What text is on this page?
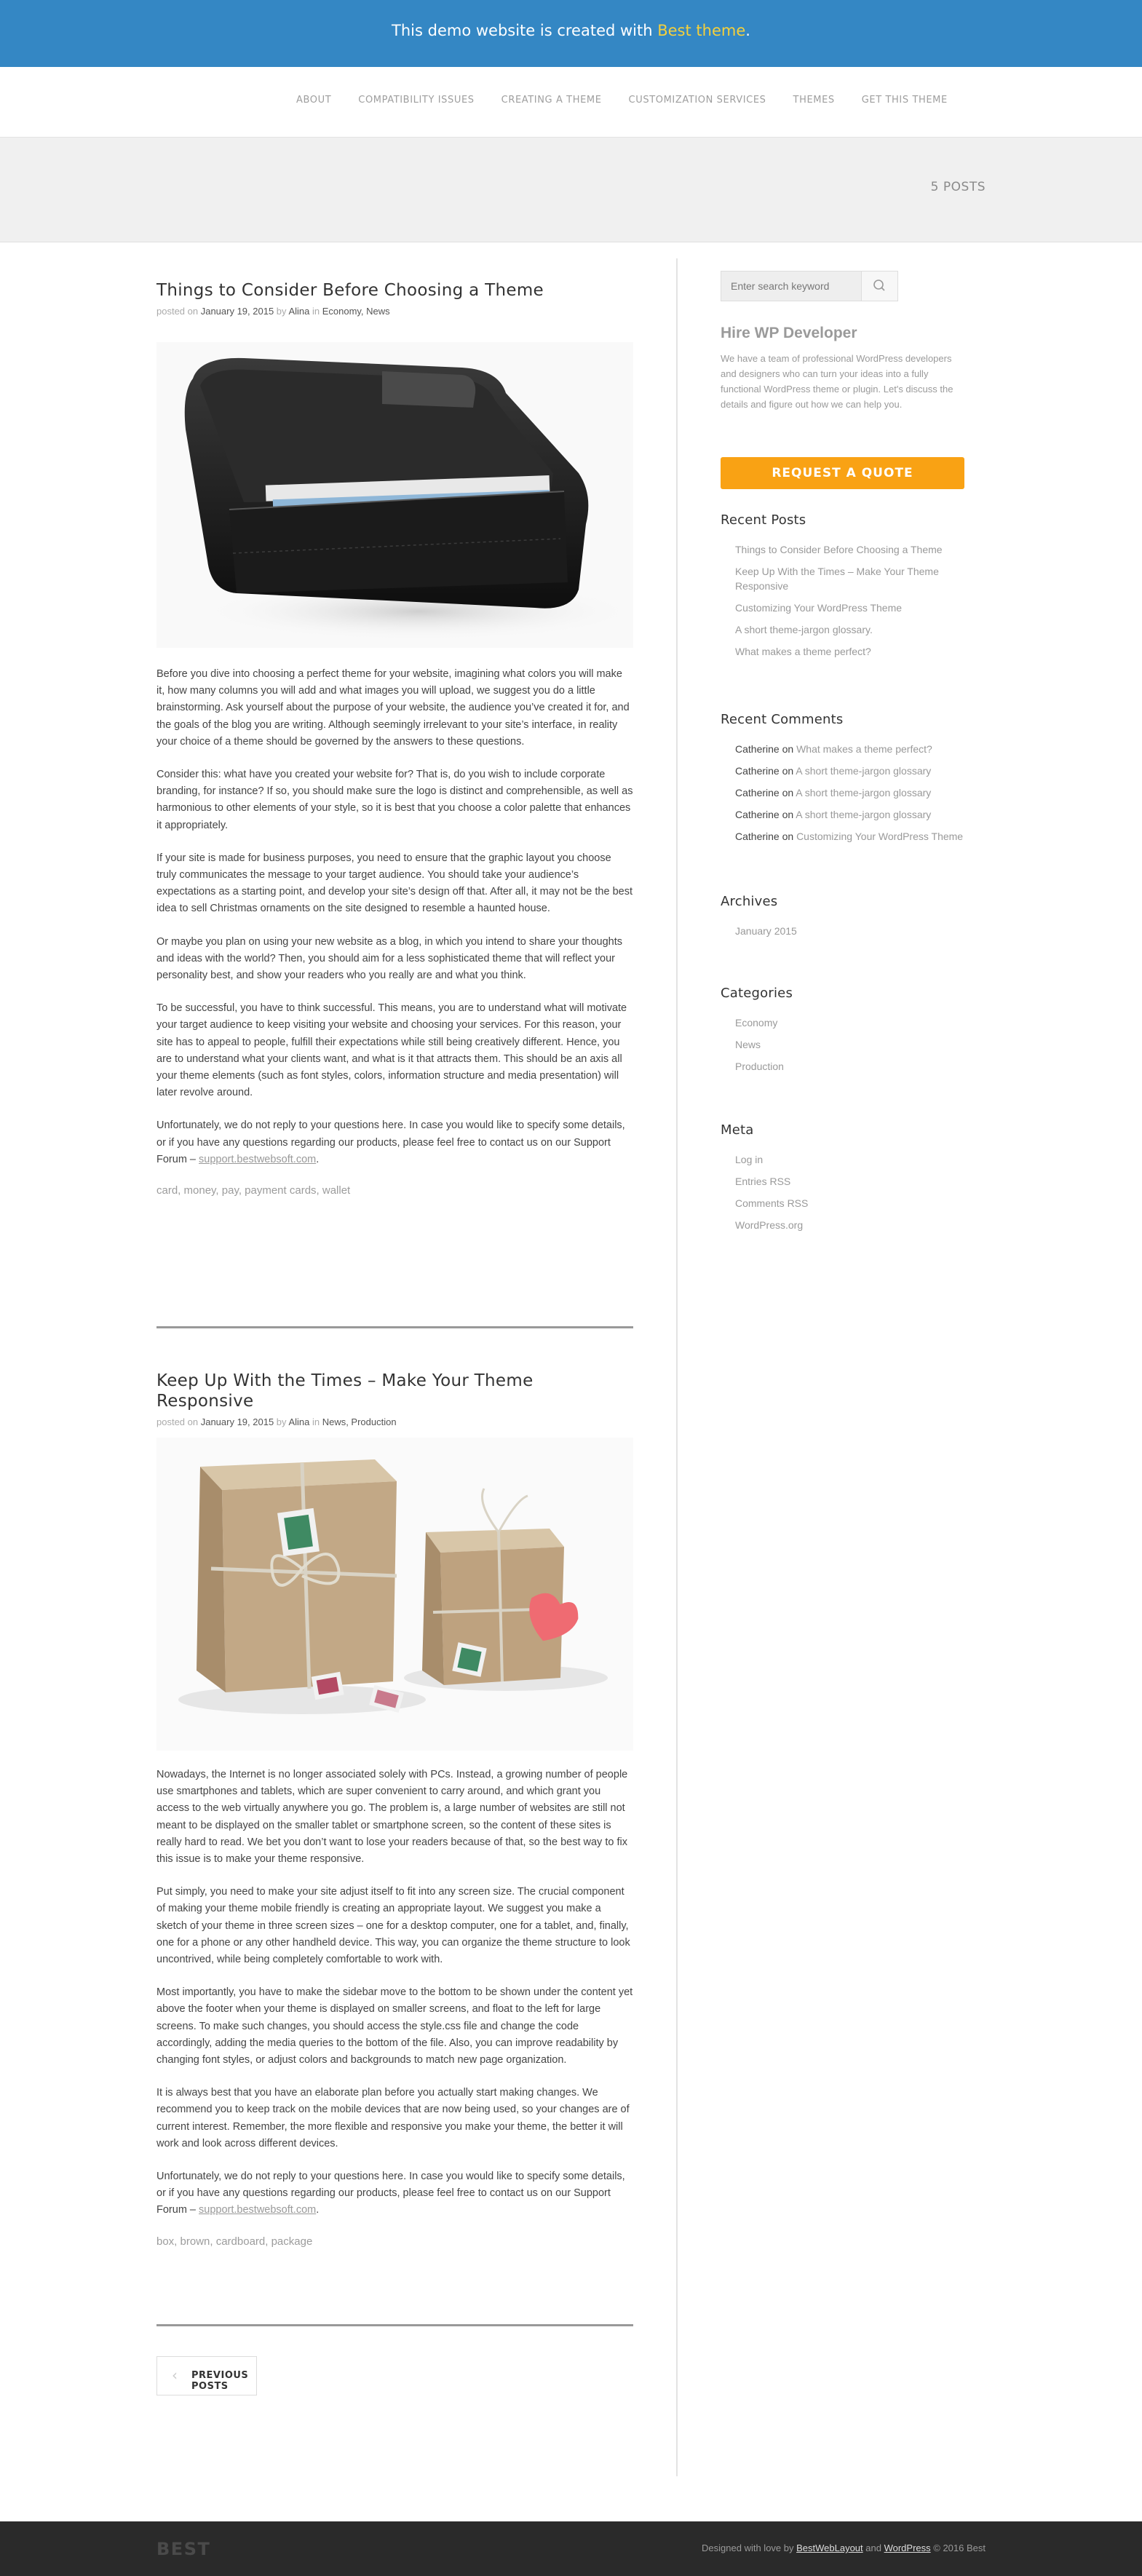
This demo website is created with Best theme.
ABOUT	COMPATIBILITY ISSUES	CREATING A THEME	CUSTOMIZATION SERVICES	THEMES	GET THIS THEME
5 POSTS
Things to Consider Before Choosing a Theme
posted on January 19, 2015 by Alina in Economy, News

Before you dive into choosing a perfect theme for your website, imagining what colors you will make it, how many columns you will add and what images you will upload, we suggest you do a little brainstorming. Ask yourself about the purpose of your website, the audience you’ve created it for, and the goals of the blog you are writing. Although seemingly irrelevant to your site’s interface, in reality your choice of a theme should be governed by the answers to these questions.

Consider this: what have you created your website for? That is, do you wish to include corporate branding, for instance? If so, you should make sure the logo is distinct and comprehensible, as well as harmonious to other elements of your style, so it is best that you choose a color palette that enhances it appropriately.

If your site is made for business purposes, you need to ensure that the graphic layout you choose truly communicates the message to your target audience. You should take your audience’s expectations as a starting point, and develop your site’s design off that. After all, it may not be the best idea to sell Christmas ornaments on the site designed to resemble a haunted house.

Or maybe you plan on using your new website as a blog, in which you intend to share your thoughts and ideas with the world? Then, you should aim for a less sophisticated theme that will reflect your personality best, and show your readers who you really are and what you think.

To be successful, you have to think successful. This means, you are to understand what will motivate your target audience to keep visiting your website and choosing your services. For this reason, your site has to appeal to people, fulfill their expectations while still being creatively different. Hence, you are to understand what your clients want, and what is it that attracts them. This should be an axis all your theme elements (such as font styles, colors, information structure and media presentation) will later revolve around.

Unfortunately, we do not reply to your questions here. In case you would like to specify some details, or if you have any questions regarding our products, please feel free to contact us on our Support Forum – support.bestwebsoft.com.

card, money, pay, payment cards, wallet
Keep Up With the Times – Make Your Theme Responsive
posted on January 19, 2015 by Alina in News, Production

Nowadays, the Internet is no longer associated solely with PCs. Instead, a growing number of people use smartphones and tablets, which are super convenient to carry around, and which grant you access to the web virtually anywhere you go. The problem is, a large number of websites are still not meant to be displayed on the smaller tablet or smartphone screen, so the content of these sites is really hard to read. We bet you don’t want to lose your readers because of that, so the best way to fix this issue is to make your theme responsive.

Put simply, you need to make your site adjust itself to fit into any screen size. The crucial component of making your theme mobile friendly is creating an appropriate layout. We suggest you make a sketch of your theme in three screen sizes – one for a desktop computer, one for a tablet, and, finally, one for a phone or any other handheld device. This way, you can organize the theme structure to look uncontrived, while being completely comfortable to work with.

Most importantly, you have to make the sidebar move to the bottom to be shown under the content yet above the footer when your theme is displayed on smaller screens, and float to the left for large screens. To make such changes, you should access the style.css file and change the code accordingly, adding the media queries to the bottom of the file. Also, you can improve readability by changing font styles, or adjust colors and backgrounds to match new page organization.

It is always best that you have an elaborate plan before you actually start making changes. We recommend you to keep track on the mobile devices that are now being used, so your changes are of current interest. Remember, the more flexible and responsive you make your theme, the better it will work and look across different devices.

Unfortunately, we do not reply to your questions here. In case you would like to specify some details, or if you have any questions regarding our products, please feel free to contact us on our Support Forum – support.bestwebsoft.com.

box, brown, cardboard, package
‹ PREVIOUS POSTS
Enter search keyword
Hire WP Developer
We have a team of professional WordPress developers and designers who can turn your ideas into a fully functional WordPress theme or plugin. Let's discuss the details and figure out how we can help you.
REQUEST A QUOTE
Recent Posts
Things to Consider Before Choosing a Theme
Keep Up With the Times – Make Your Theme Responsive
Customizing Your WordPress Theme
A short theme-jargon glossary.
What makes a theme perfect?
Recent Comments
Catherine on What makes a theme perfect?
Catherine on A short theme-jargon glossary
Catherine on A short theme-jargon glossary
Catherine on A short theme-jargon glossary
Catherine on Customizing Your WordPress Theme
Archives
January 2015
Categories
Economy
News
Production
Meta
Log in
Entries RSS
Comments RSS
WordPress.org
BEST	Designed with love by BestWebLayout and WordPress © 2016 Best
